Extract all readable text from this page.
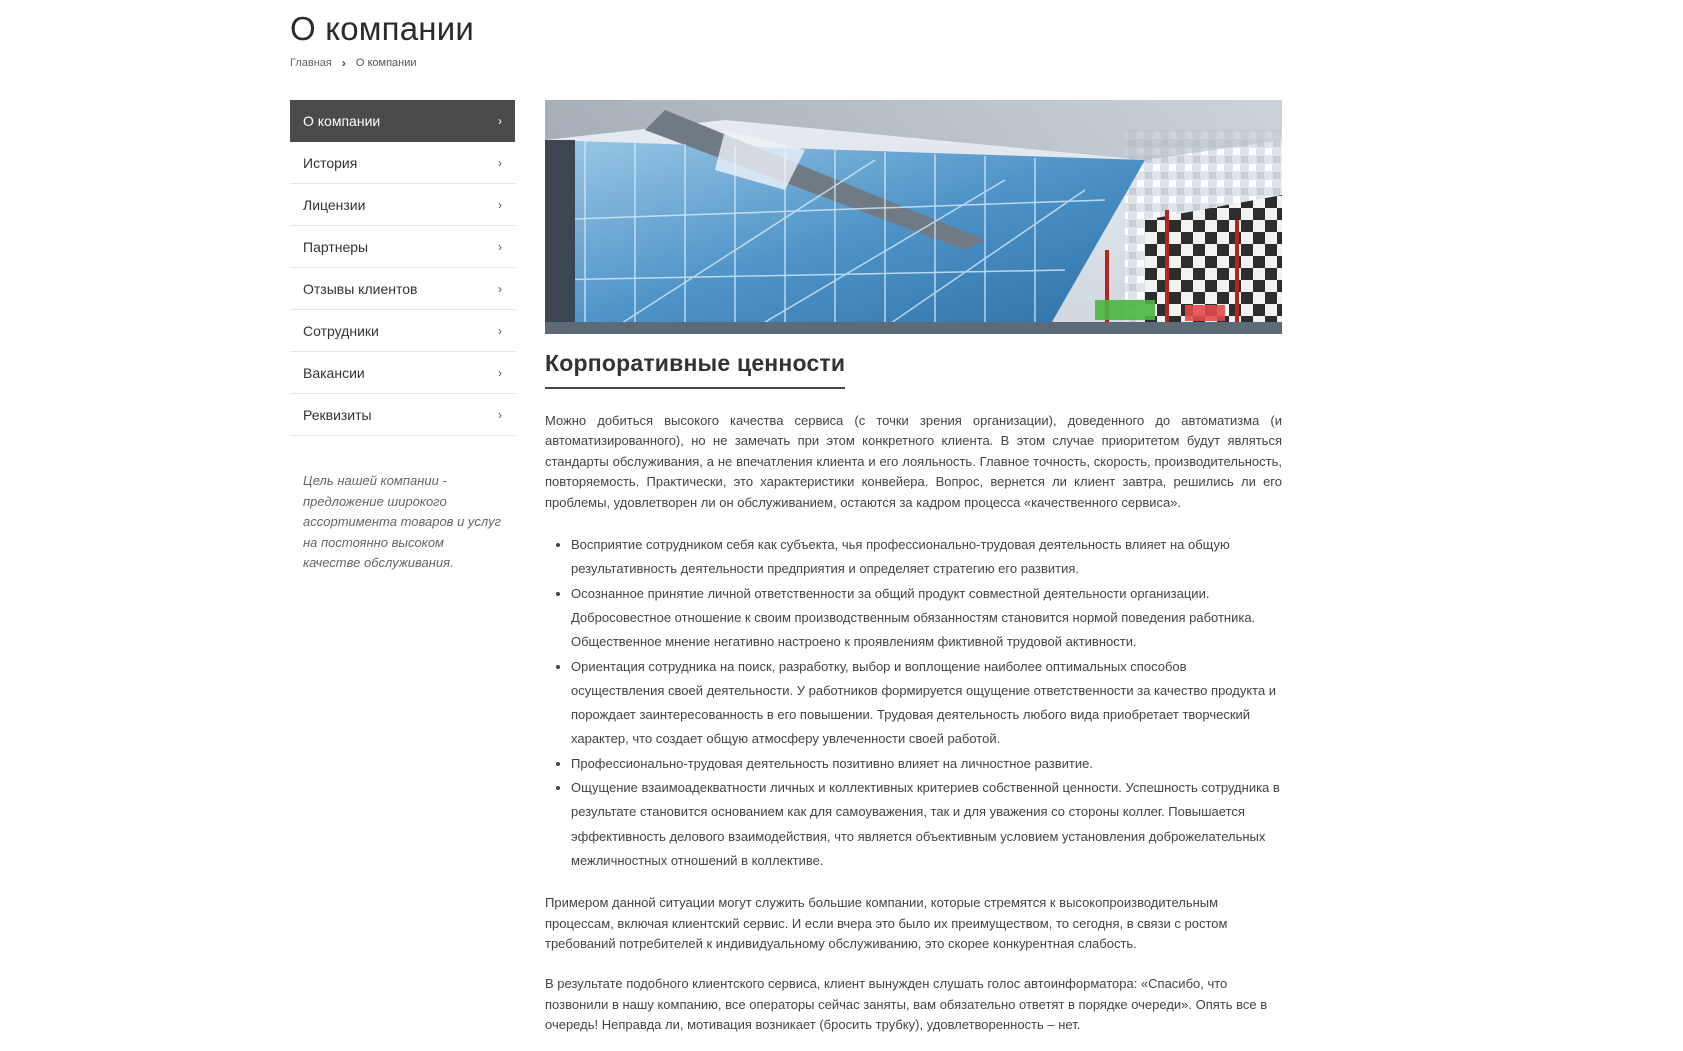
О компании
Главная › О компании
О компании	›
История	›
Лицензии	›
Партнеры	›
Отзывы клиентов	›
Сотрудники	›
Вакансии	›
Реквизиты	›

Цель нашей компании - предложение широкого ассортимента товаров и услуг на постоянно высоком качестве обслуживания.

Корпоративные ценности

Можно добиться высокого качества сервиса (с точки зрения организации), доведенного до автоматизма (и автоматизированного), но не замечать при этом конкретного клиента. В этом случае приоритетом будут являться стандарты обслуживания, а не впечатления клиента и его лояльность. Главное точность, скорость, производительность, повторяемость. Практически, это характеристики конвейера. Вопрос, вернется ли клиент завтра, решились ли его проблемы, удовлетворен ли он обслуживанием, остаются за кадром процесса «качественного сервиса».

• Восприятие сотрудником себя как субъекта, чья профессионально-трудовая деятельность влияет на общую результативность деятельности предприятия и определяет стратегию его развития.
• Осознанное принятие личной ответственности за общий продукт совместной деятельности организации. Добросовестное отношение к своим производственным обязанностям становится нормой поведения работника. Общественное мнение негативно настроено к проявлениям фиктивной трудовой активности.
• Ориентация сотрудника на поиск, разработку, выбор и воплощение наиболее оптимальных способов осуществления своей деятельности. У работников формируется ощущение ответственности за качество продукта и порождает заинтересованность в его повышении. Трудовая деятельность любого вида приобретает творческий характер, что создает общую атмосферу увлеченности своей работой.
• Профессионально-трудовая деятельность позитивно влияет на личностное развитие.
• Ощущение взаимоадекватности личных и коллективных критериев собственной ценности. Успешность сотрудника в результате становится основанием как для самоуважения, так и для уважения со стороны коллег. Повышается эффективность делового взаимодействия, что является объективным условием установления доброжелательных межличностных отношений в коллективе.

Примером данной ситуации могут служить большие компании, которые стремятся к высокопроизводительным процессам, включая клиентский сервис. И если вчера это было их преимуществом, то сегодня, в связи с ростом требований потребителей к индивидуальному обслуживанию, это скорее конкурентная слабость.

В результате подобного клиентского сервиса, клиент вынужден слушать голос автоинформатора: «Спасибо, что позвонили в нашу компанию, все операторы сейчас заняты, вам обязательно ответят в порядке очереди». Опять все в очередь! Неправда ли, мотивация возникает (бросить трубку), удовлетворенность – нет.
